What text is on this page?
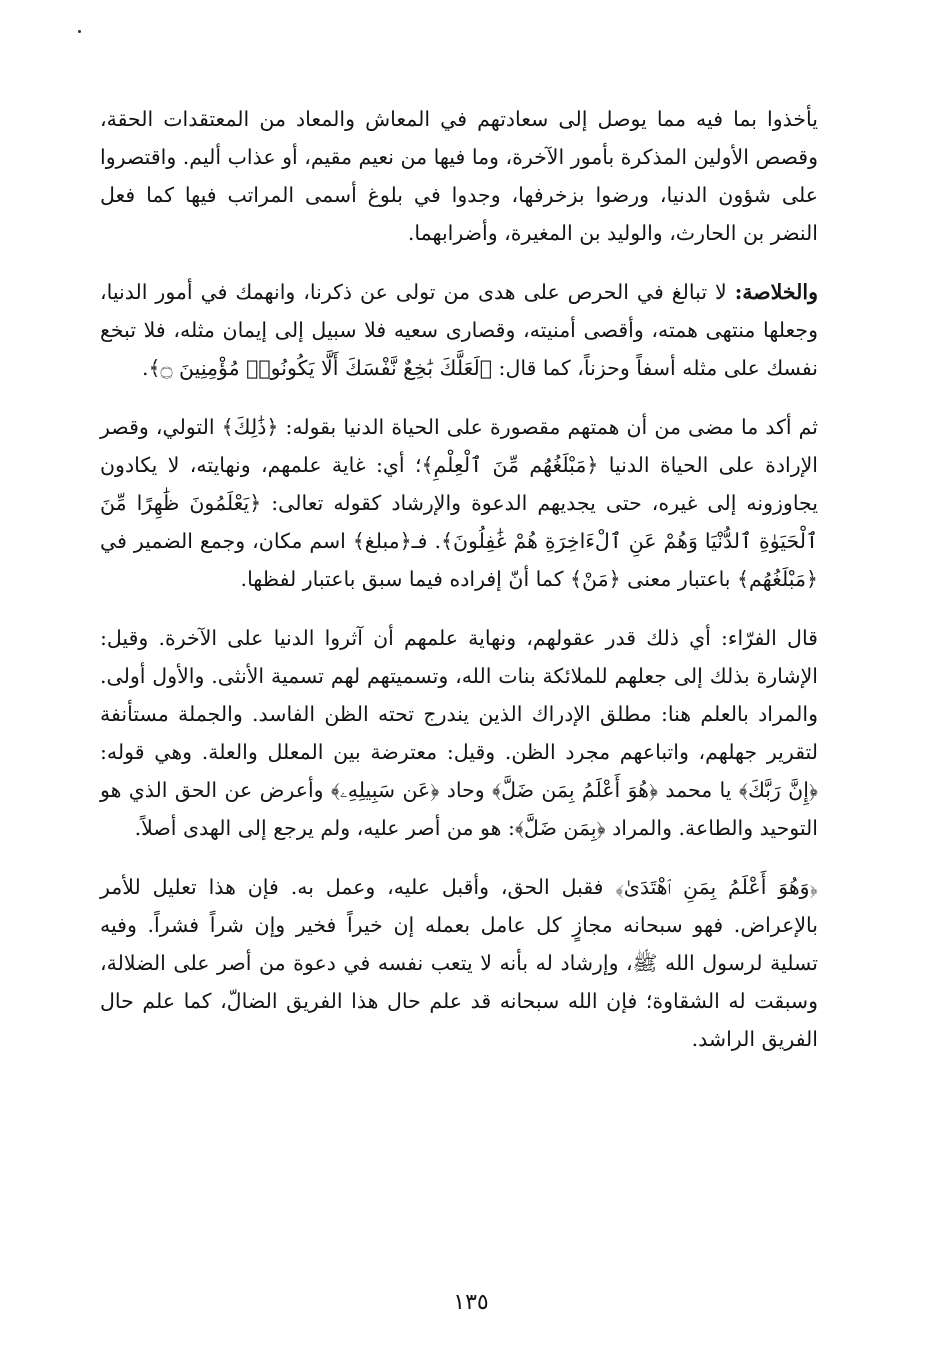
يأخذوا بما فيه مما يوصل إلى سعادتهم في المعاش والمعاد من المعتقدات الحقة، وقصص الأولين المذكرة بأمور الآخرة، وما فيها من نعيم مقيم، أو عذاب أليم. واقتصروا على شؤون الدنيا، ورضوا بزخرفها، وجدوا في بلوغ أسمى المراتب فيها كما فعل النضر بن الحارث، والوليد بن المغيرة، وأضرابهما.

والخلاصة: لا تبالغ في الحرص على هدى من تولى عن ذكرنا، وانهمك في أمور الدنيا، وجعلها منتهى همته، وأقصى أمنيته، وقصارى سعيه فلا سبيل إلى إيمان مثله، فلا تبخع نفسك على مثله أسفاً وحزناً، كما قال: ﴿لَعَلَّكَ بَٰخِعٌ نَّفْسَكَ أَلَّا يَكُونُوا۟ مُؤْمِنِينَ ۝﴾.

ثم أكد ما مضى من أن همتهم مقصورة على الحياة الدنيا بقوله: ﴿ذَٰلِكَ﴾ التولي، وقصر الإرادة على الحياة الدنيا ﴿مَبْلَغُهُم مِّنَ ٱلْعِلْمِ﴾؛ أي: غاية علمهم، ونهايته، لا يكادون يجاوزونه إلى غيره، حتى يجديهم الدعوة والإرشاد كقوله تعالى: ﴿يَعْلَمُونَ ظَٰهِرًا مِّنَ ٱلْحَيَوٰةِ ٱلدُّنْيَا وَهُمْ عَنِ ٱلْءَاخِرَةِ هُمْ غَٰفِلُونَ﴾. فـ﴿مبلغ﴾ اسم مكان، وجمع الضمير في ﴿مَبْلَغُهُم﴾ باعتبار معنى ﴿مَنْ﴾ كما أنّ إفراده فيما سبق باعتبار لفظها.

قال الفرّاء: أي ذلك قدر عقولهم، ونهاية علمهم أن آثروا الدنيا على الآخرة. وقيل: الإشارة بذلك إلى جعلهم للملائكة بنات الله، وتسميتهم لهم تسمية الأنثى. والأول أولى. والمراد بالعلم هنا: مطلق الإدراك الذين يندرج تحته الظن الفاسد. والجملة مستأنفة لتقرير جهلهم، واتباعهم مجرد الظن. وقيل: معترضة بين المعلل والعلة. وهي قوله: ﴿إِنَّ رَبَّكَ﴾ يا محمد ﴿هُوَ أَعْلَمُ بِمَن ضَلَّ﴾ وحاد ﴿عَن سَبِيلِهِۦ﴾ وأعرض عن الحق الذي هو التوحيد والطاعة. والمراد ﴿بِمَن ضَلَّ﴾: هو من أصر عليه، ولم يرجع إلى الهدى أصلاً.

﴿وَهُوَ أَعْلَمُ بِمَنِ ٱهْتَدَىٰ﴾ فقبل الحق، وأقبل عليه، وعمل به. فإن هذا تعليل للأمر بالإعراض. فهو سبحانه مجازٍ كل عامل بعمله إن خيراً فخير وإن شراً فشراً. وفيه تسلية لرسول الله ﷺ، وإرشاد له بأنه لا يتعب نفسه في دعوة من أصر على الضلالة، وسبقت له الشقاوة؛ فإن الله سبحانه قد علم حال هذا الفريق الضالّ، كما علم حال الفريق الراشد.

١٣٥
